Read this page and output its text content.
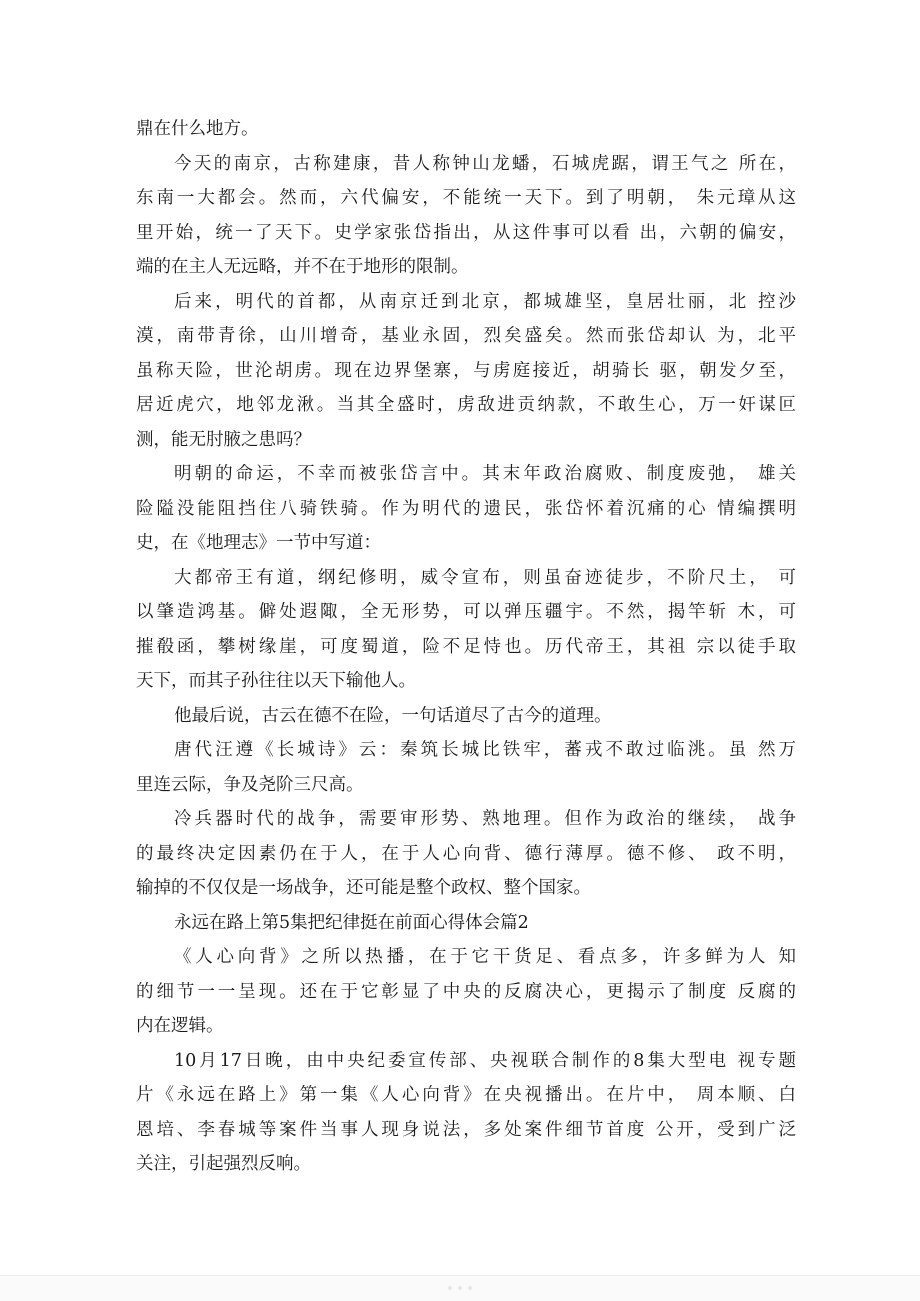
鼎在什么地方。
今天的南京，古称建康，昔人称钟山龙蟠，石城虎踞，谓王气之 所在，
东南一大都会。然而，六代偏安，不能统一天下。到了明朝， 朱元璋从这
里开始，统一了天下。史学家张岱指出，从这件事可以看 出，六朝的偏安，
端的在主人无远略，并不在于地形的限制。
后来，明代的首都，从南京迁到北京，都城雄坚，皇居壮丽，北 控沙
漠，南带青徐，山川增奇，基业永固，烈矣盛矣。然而张岱却认 为，北平
虽称天险，世沦胡虏。现在边界堡寨，与虏庭接近，胡骑长 驱，朝发夕至，
居近虎穴，地邻龙湫。当其全盛时，虏敌进贡纳款，不敢生心，万一奸谋叵
测，能无肘腋之患吗？
明朝的命运，不幸而被张岱言中。其末年政治腐败、制度废弛， 雄关
险隘没能阻挡住八骑铁骑。作为明代的遗民，张岱怀着沉痛的心 情编撰明
史，在《地理志》一节中写道：
大都帝王有道，纲纪修明，威令宣布，则虽奋迹徒步，不阶尺土， 可
以肇造鸿基。僻处遐陬，全无形势，可以弹压疆宇。不然，揭竿斩 木，可
摧殽函，攀树缘崖，可度蜀道，险不足恃也。历代帝王，其祖 宗以徒手取
天下，而其子孙往往以天下输他人。
他最后说，古云在德不在险，一句话道尽了古今的道理。
唐代汪遵《长城诗》云：秦筑长城比铁牢，蕃戎不敢过临洮。虽 然万
里连云际，争及尧阶三尺高。
冷兵器时代的战争，需要审形势、熟地理。但作为政治的继续， 战争
的最终决定因素仍在于人，在于人心向背、德行薄厚。德不修、 政不明，
输掉的不仅仅是一场战争，还可能是整个政权、整个国家。
永远在路上第5集把纪律挺在前面心得体会篇2
《人心向背》之所以热播，在于它干货足、看点多，许多鲜为人 知
的细节一一呈现。还在于它彰显了中央的反腐决心，更揭示了制度 反腐的
内在逻辑。
10月17日晚，由中央纪委宣传部、央视联合制作的8集大型电 视专题
片《永远在路上》第一集《人心向背》在央视播出。在片中， 周本顺、白
恩培、李春城等案件当事人现身说法，多处案件细节首度 公开，受到广泛
关注，引起强烈反响。
